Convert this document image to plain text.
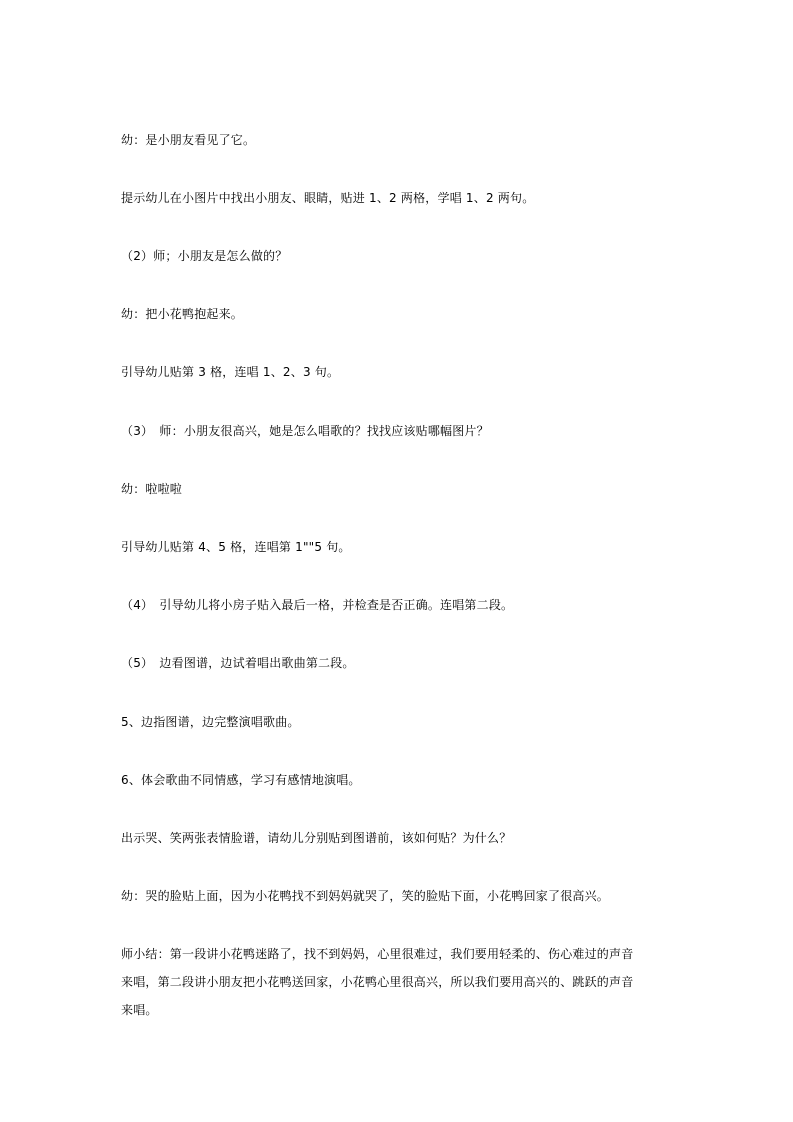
幼：是小朋友看见了它。
提示幼儿在小图片中找出小朋友、眼睛，贴进 1、2 两格，学唱 1、2 两句。
（2）师；小朋友是怎么做的？
幼：把小花鸭抱起来。
引导幼儿贴第 3 格，连唱 1、2、3 句。
（3）　师：小朋友很高兴，她是怎么唱歌的？找找应该贴哪幅图片？
幼：啦啦啦
引导幼儿贴第 4、5 格，连唱第 1""5 句。
（4）　引导幼儿将小房子贴入最后一格，并检查是否正确。连唱第二段。
（5）　边看图谱，边试着唱出歌曲第二段。
5、边指图谱，边完整演唱歌曲。
6、体会歌曲不同情感，学习有感情地演唱。
出示哭、笑两张表情脸谱，请幼儿分别贴到图谱前，该如何贴？为什么？
幼：哭的脸贴上面，因为小花鸭找不到妈妈就哭了，笑的脸贴下面，小花鸭回家了很高兴。
师小结：第一段讲小花鸭迷路了，找不到妈妈，心里很难过，我们要用轻柔的、伤心难过的声音
来唱，第二段讲小朋友把小花鸭送回家，小花鸭心里很高兴，所以我们要用高兴的、跳跃的声音
来唱。
